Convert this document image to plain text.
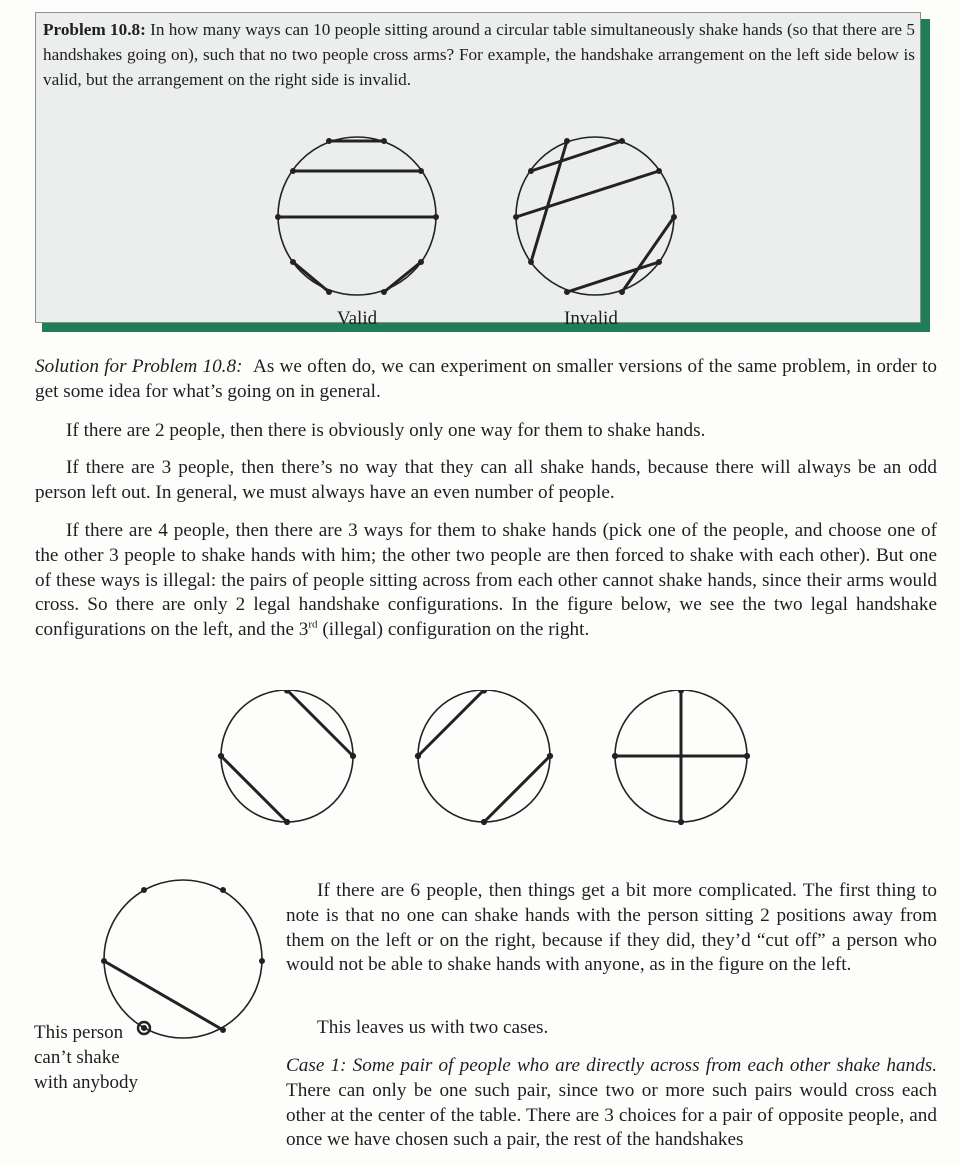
Problem 10.8: In how many ways can 10 people sitting around a circular table simultaneously shake hands (so that there are 5 handshakes going on), such that no two people cross arms? For example, the handshake arrangement on the left side below is valid, but the arrangement on the right side is invalid.
Valid	Invalid
Solution for Problem 10.8: As we often do, we can experiment on smaller versions of the same problem, in order to get some idea for what’s going on in general.
If there are 2 people, then there is obviously only one way for them to shake hands.
If there are 3 people, then there’s no way that they can all shake hands, because there will always be an odd person left out. In general, we must always have an even number of people.
If there are 4 people, then there are 3 ways for them to shake hands (pick one of the people, and choose one of the other 3 people to shake hands with him; the other two people are then forced to shake with each other). But one of these ways is illegal: the pairs of people sitting across from each other cannot shake hands, since their arms would cross. So there are only 2 legal handshake configurations. In the figure below, we see the two legal handshake configurations on the left, and the 3rd (illegal) configuration on the right.
This person
can’t shake
with anybody
If there are 6 people, then things get a bit more complicated. The first thing to note is that no one can shake hands with the person sitting 2 positions away from them on the left or on the right, because if they did, they’d “cut off” a person who would not be able to shake hands with anyone, as in the figure on the left.
This leaves us with two cases.
Case 1: Some pair of people who are directly across from each other shake hands. There can only be one such pair, since two or more such pairs would cross each other at the center of the table. There are 3 choices for a pair of opposite people, and once we have chosen such a pair, the rest of the handshakes
